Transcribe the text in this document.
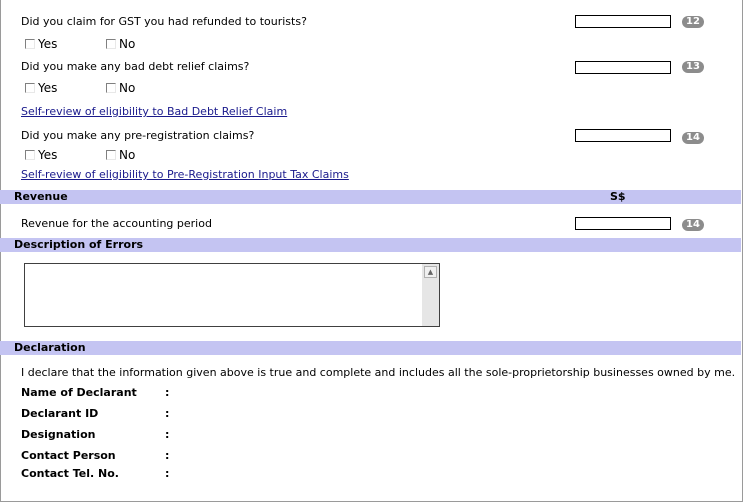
Did you claim for GST you had refunded to tourists?	12
Yes	No
Did you make any bad debt relief claims?	13
Yes	No
Self-review of eligibility to Bad Debt Relief Claim
Did you make any pre-registration claims?	14
Yes	No
Self-review of eligibility to Pre-Registration Input Tax Claims
Revenue	S$
Revenue for the accounting period	14
Description of Errors
▲
Declaration
I declare that the information given above is true and complete and includes all the sole-proprietorship businesses owned by me.
Name of Declarant	:
Declarant ID	:
Designation	:
Contact Person	:
Contact Tel. No.	:
